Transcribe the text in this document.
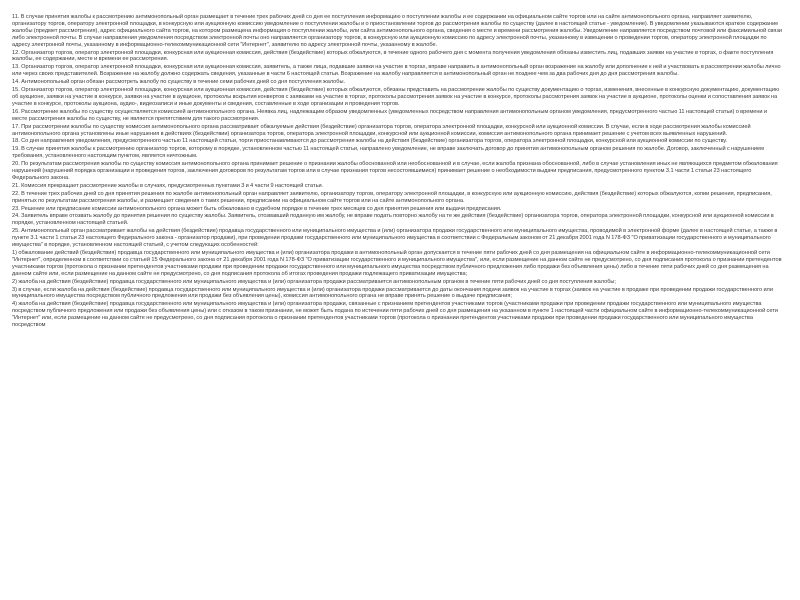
11. В случае принятия жалобы к рассмотрению антимонопольный орган размещает в течение трех рабочих дней со дня ее поступления информацию о поступлении жалобы и ее содержании на официальном сайте торгов или на сайте антимонопольного органа, направляет заявителю, организатору торгов, оператору электронной площадки, в конкурсную или аукционную комиссию уведомление о поступлении жалобы и о приостановлении торгов до рассмотрения жалобы по существу (далее в настоящей статье - уведомление). В уведомлении указываются краткое содержание жалобы (предмет рассмотрения), адрес официального сайта торгов, на котором размещена информация о поступлении жалобы, или сайта антимонопольного органа, сведения о месте и времени рассмотрения жалобы. Уведомление направляется посредством почтовой или факсимильной связи либо электронной почты. В случае направления уведомления посредством электронной почты оно направляется организатору торгов, в конкурсную или аукционную комиссию по адресу электронной почты, указанному в извещении о проведении торгов, оператору электронной площадки по адресу электронной почты, указанному в информационно-телекоммуникационной сети "Интернет", заявителю по адресу электронной почты, указанному в жалобе.

12. Организатор торгов, оператор электронной площадки, конкурсная или аукционная комиссия, действия (бездействие) которых обжалуются, в течение одного рабочего дня с момента получения уведомления обязаны известить лиц, подавших заявки на участие в торгах, о факте поступления жалобы, ее содержании, месте и времени ее рассмотрения.

13. Организатор торгов, оператор электронной площадки, конкурсная или аукционная комиссия, заявитель, а также лица, подавшие заявки на участие в торгах, вправе направить в антимонопольный орган возражение на жалобу или дополнение к ней и участвовать в рассмотрении жалобы лично или через своих представителей. Возражение на жалобу должно содержать сведения, указанные в части 6 настоящей статьи. Возражение на жалобу направляется в антимонопольный орган не позднее чем за два рабочих дня до дня рассмотрения жалобы.

14. Антимонопольный орган обязан рассмотреть жалобу по существу в течение семи рабочих дней со дня поступления жалобы.

15. Организатор торгов, оператор электронной площадки, конкурсная или аукционная комиссия, действия (бездействие) которых обжалуются, обязаны представить на рассмотрение жалобы по существу документацию о торгах, изменения, внесенные в конкурсную документацию, документацию об аукционе, заявки на участие в конкурсе, заявки на участие в аукционе, протоколы вскрытия конвертов с заявками на участие в торгах, протоколы рассмотрения заявок на участие в конкурсе, протоколы рассмотрения заявок на участие в аукционе, протоколы оценки и сопоставления заявок на участие в конкурсе, протоколы аукциона, аудио-, видеозаписи и иные документы и сведения, составленные в ходе организации и проведения торгов.

16. Рассмотрение жалобы по существу осуществляется комиссией антимонопольного органа. Неявка лиц, надлежащим образом уведомленных (уведомленных посредством направления антимонопольным органом уведомления, предусмотренного частью 11 настоящей статьи) о времени и месте рассмотрения жалобы по существу, не является препятствием для такого рассмотрения.

17. При рассмотрении жалобы по существу комиссия антимонопольного органа рассматривает обжалуемые действия (бездействие) организатора торгов, оператора электронной площадки, конкурсной или аукционной комиссии. В случае, если в ходе рассмотрения жалобы комиссией антимонопольного органа установлены иные нарушения в действиях (бездействии) организатора торгов, оператора электронной площадки, конкурсной или аукционной комиссии, комиссия антимонопольного органа принимает решение с учетом всех выявленных нарушений.

18. Со дня направления уведомления, предусмотренного частью 11 настоящей статьи, торги приостанавливаются до рассмотрения жалобы на действия (бездействие) организатора торгов, оператора электронной площадки, конкурсной или аукционной комиссии по существу.

19. В случае принятия жалобы к рассмотрению организатор торгов, которому в порядке, установленном частью 11 настоящей статьи, направлено уведомление, не вправе заключать договор до принятия антимонопольным органом решения по жалобе. Договор, заключенный с нарушением требования, установленного настоящим пунктом, является ничтожным.

20. По результатам рассмотрения жалобы по существу комиссия антимонопольного органа принимает решение о признании жалобы обоснованной или необоснованной и в случае, если жалоба признана обоснованной, либо в случае установления иных не являющихся предметом обжалования нарушений (нарушений порядка организации и проведения торгов, заключения договоров по результатам торгов или в случае признания торгов несостоявшимися) принимает решение о необходимости выдачи предписания, предусмотренного пунктом 3.1 части 1 статьи 23 настоящего Федерального закона.

21. Комиссия прекращает рассмотрение жалобы в случаях, предусмотренных пунктами 3 и 4 части 9 настоящей статьи.

22. В течение трех рабочих дней со дня принятия решения по жалобе антимонопольный орган направляет заявителю, организатору торгов, оператору электронной площадки, в конкурсную или аукционную комиссию, действия (бездействие) которых обжалуются, копии решения, предписания, принятых по результатам рассмотрения жалобы, и размещает сведения о таких решении, предписании на официальном сайте торгов или на сайте антимонопольного органа.

23. Решение или предписание комиссии антимонопольного органа может быть обжаловано в судебном порядке в течение трех месяцев со дня принятия решения или выдачи предписания.

24. Заявитель вправе отозвать жалобу до принятия решения по существу жалобы. Заявитель, отозвавший поданную им жалобу, не вправе подать повторно жалобу на те же действия (бездействие) организатора торгов, оператора электронной площадки, конкурсной или аукционной комиссии в порядке, установленном настоящей статьей.

25. Антимонопольный орган рассматривает жалобы на действия (бездействие) продавца государственного или муниципального имущества и (или) организатора продажи государственного или муниципального имущества, проводимой в электронной форме (далее в настоящей статье, а также в пункте 3.1 части 1 статьи 23 настоящего Федерального закона - организатор продажи), при проведении продажи государственного или муниципального имущества в соответствии с Федеральным законом от 21 декабря 2001 года N 178-ФЗ "О приватизации государственного и муниципального имущества" в порядке, установленном настоящей статьей, с учетом следующих особенностей:

1) обжалование действий (бездействия) продавца государственного или муниципального имущества и (или) организатора продажи в антимонопольный орган допускается в течение пяти рабочих дней со дня размещения на официальном сайте в информационно-телекоммуникационной сети "Интернет", определенном в соответствии со статьей 15 Федерального закона от 21 декабря 2001 года N 178-ФЗ "О приватизации государственного и муниципального имущества", или, если размещение на данном сайте не предусмотрено, со дня подписания протокола о признании претендентов участниками торгов (протокола о признании претендентов участниками продажи при проведении продажи государственного или муниципального имущества посредством публичного предложения либо продажи без объявления цены) либо в течение пяти рабочих дней со дня размещения на данном сайте или, если размещение на данном сайте не предусмотрено, со дня подписания протокола об итогах проведения продажи подлежащего приватизации имущества;

2) жалоба на действия (бездействие) продавца государственного или муниципального имущества и (или) организатора продажи рассматривается антимонопольным органом в течение пяти рабочих дней со дня поступления жалобы;

3) в случае, если жалоба на действия (бездействие) продавца государственного или муниципального имущества и (или) организатора продажи рассматривается до даты окончания подачи заявок на участие в торгах (заявок на участие в продаже при проведении продажи государственного или муниципального имущества посредством публичного предложения или продажи без объявления цены), комиссия антимонопольного органа не вправе принять решение о выдаче предписания;

4) жалоба на действия (бездействие) продавца государственного или муниципального имущества и (или) организатора продажи, связанные с признанием претендентов участниками торгов (участниками продажи при проведении продажи государственного или муниципального имущества посредством публичного предложения или продажи без объявления цены) или с отказом в таком признании, не может быть подана по истечении пяти рабочих дней со дня размещения на указанном в пункте 1 настоящей части официальном сайте в информационно-телекоммуникационной сети "Интернет" или, если размещение на данном сайте не предусмотрено, со дня подписания протокола о признании претендентов участниками торгов (протокола о признании претендентов участниками продажи при проведении продажи государственного или муниципального имущества посредством
